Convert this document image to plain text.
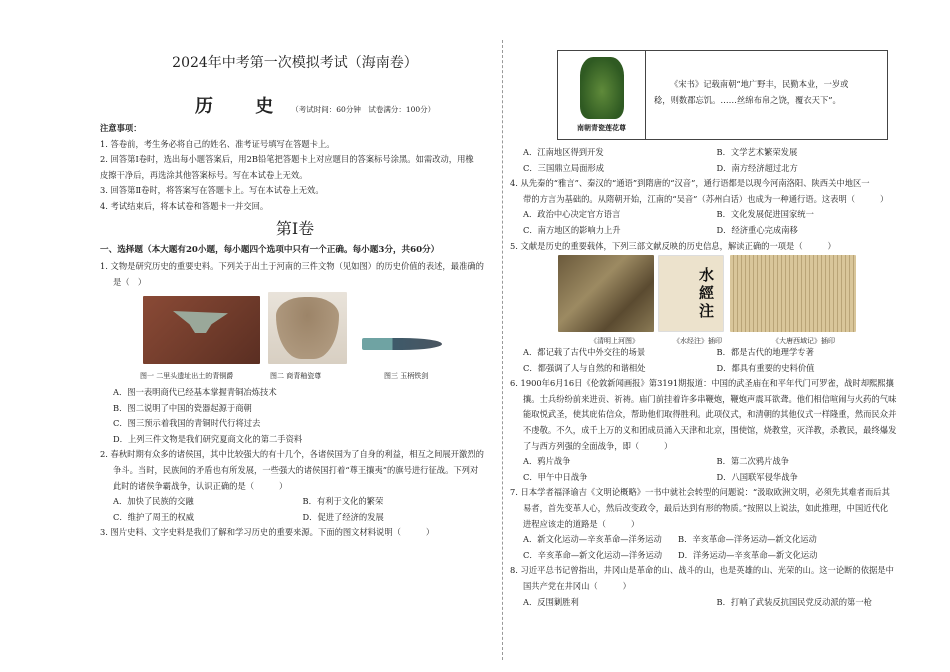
2024年中考第一次模拟考试（海南卷）
历 史（考试时间：60分钟　试卷满分：100分）
注意事项：
1. 答卷前，考生务必将自己的姓名、准考证号填写在答题卡上。
2. 回答第Ⅰ卷时，选出每小题答案后，用2B铅笔把答题卡上对应题目的答案标号涂黑。如需改动，用橡
皮擦干净后，再选涂其他答案标号。写在本试卷上无效。
3. 回答第Ⅱ卷时，将答案写在答题卡上。写在本试卷上无效。
4. 考试结束后，将本试卷和答题卡一并交回。
第Ⅰ卷
一、选择题（本大题有20小题，每小题四个选项中只有一个正确。每小题3分，共60分）
1. 文物是研究历史的重要史料。下列关于出土于河南的三件文物（见如图）的历史价值的表述，最准确的
是（　）
图一 二里头遗址出土的青铜爵	图二 商青釉瓷尊	图三 玉柄铁剑
A．图一表明商代已经基本掌握青铜冶炼技术
B．图二说明了中国的瓷器起源于商朝
C．图三预示着我国的青铜时代行将过去
D．上列三件文物是我们研究夏商文化的第二手资料
2. 春秋时期有众多的诸侯国，其中比较强大的有十几个，各诸侯国为了自身的利益，相互之间展开激烈的
争斗。当时，民族间的矛盾也有所发展，一些强大的诸侯国打着“尊王攘夷”的旗号进行征战。下列对
此时的诸侯争霸战争，认识正确的是（　　　）
A．加快了民族的交融	B．有利于文化的繁荣
C．维护了周王的权威	D．促进了经济的发展
3. 图片史料、文字史料是我们了解和学习历史的重要来源。下面的图文材料说明（　　　）
南朝青瓷莲花尊
《宋书》记载南朝“地广野丰，民勤本业，一岁或
稔，则数郡忘饥。……丝绵布帛之饶，覆衣天下”。
A．江南地区得到开发	B．文学艺术繁荣发展
C．三国鼎立局面形成	D．南方经济超过北方
4. 从先秦的“雅言”、秦汉的“通语”到隋唐的“汉音”，通行语都是以现今河南洛阳、陕西关中地区一
带的方言为基础的。从隋朝开始，江南的“吴音”（苏州白话）也成为一种通行语。这表明（　　　）
A．政治中心决定官方语言	B．文化发展促进国家统一
C．南方地区的影响力上升	D．经济重心完成南移
5. 文献是历史的重要载体，下列三部文献反映的历史信息，解读正确的一项是（　　　）
水經注
《清明上河图》	《水经注》插印	《大唐西域记》插印
A．都记载了古代中外交往的场景	B．都是古代的地理学专著
C．都强调了人与自然的和谐相处	D．都具有重要的史料价值
6. 1900年6月16日《伦敦新闻画报》第3191期报道：中国的武圣庙在和平年代门可罗雀，战时却熙熙攘
攘。士兵纷纷前来进贡、祈祷。庙门前挂着许多串鞭炮，鞭炮声震耳欲聋。他们相信喧闹与火药的气味
能取悦武圣，使其庇佑信众，帮助他们取得胜利。此项仪式，和清朝的其他仪式一样隆重，然而民众并
不虔敬。不久，成千上万的义和团成员涌入天津和北京，围使馆，烧教堂，灭洋教，杀教民，最终爆发
了与西方列强的全面战争，即（　　　）
A．鸦片战争	B．第二次鸦片战争
C．甲午中日战争	D．八国联军侵华战争
7. 日本学者福泽谕吉《文明论概略》一书中就社会转型的问题说：“汲取欧洲文明，必须先其难者而后其
易者，首先变革人心，然后改变政令，最后达到有形的物质。”按照以上说法，如此推理，中国近代化
进程应该走的道路是（　　　）
A．新文化运动—辛亥革命—洋务运动	B．辛亥革命—洋务运动—新文化运动
C．辛亥革命—新文化运动—洋务运动	D．洋务运动—辛亥革命—新文化运动
8. 习近平总书记曾指出，井冈山是革命的山、战斗的山，也是英雄的山、光荣的山。这一论断的依据是中
国共产党在井冈山（　　　）
A．反围剿胜利	B．打响了武装反抗国民党反动派的第一枪
